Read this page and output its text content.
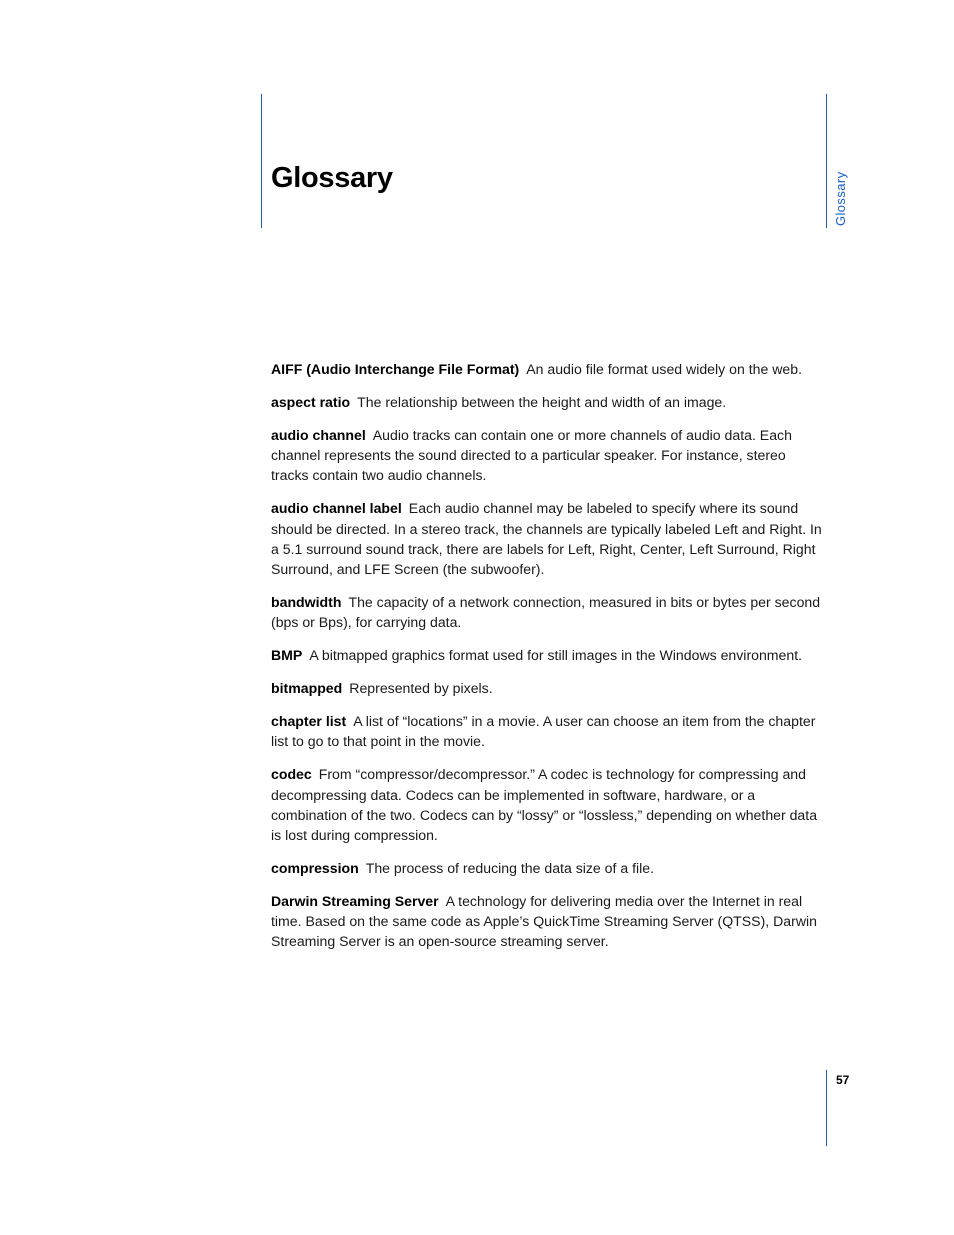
Glossary	Glossary
57

AIFF (Audio Interchange File Format) An audio file format used widely on the web.

aspect ratio The relationship between the height and width of an image.

audio channel Audio tracks can contain one or more channels of audio data. Each channel represents the sound directed to a particular speaker. For instance, stereo tracks contain two audio channels.

audio channel label Each audio channel may be labeled to specify where its sound should be directed. In a stereo track, the channels are typically labeled Left and Right. In a 5.1 surround sound track, there are labels for Left, Right, Center, Left Surround, Right Surround, and LFE Screen (the subwoofer).

bandwidth The capacity of a network connection, measured in bits or bytes per second (bps or Bps), for carrying data.

BMP A bitmapped graphics format used for still images in the Windows environment.

bitmapped Represented by pixels.

chapter list A list of “locations” in a movie. A user can choose an item from the chapter list to go to that point in the movie.

codec From “compressor/decompressor.” A codec is technology for compressing and decompressing data. Codecs can be implemented in software, hardware, or a combination of the two. Codecs can by “lossy” or “lossless,” depending on whether data is lost during compression.

compression The process of reducing the data size of a file.

Darwin Streaming Server A technology for delivering media over the Internet in real time. Based on the same code as Apple’s QuickTime Streaming Server (QTSS), Darwin Streaming Server is an open-source streaming server.
